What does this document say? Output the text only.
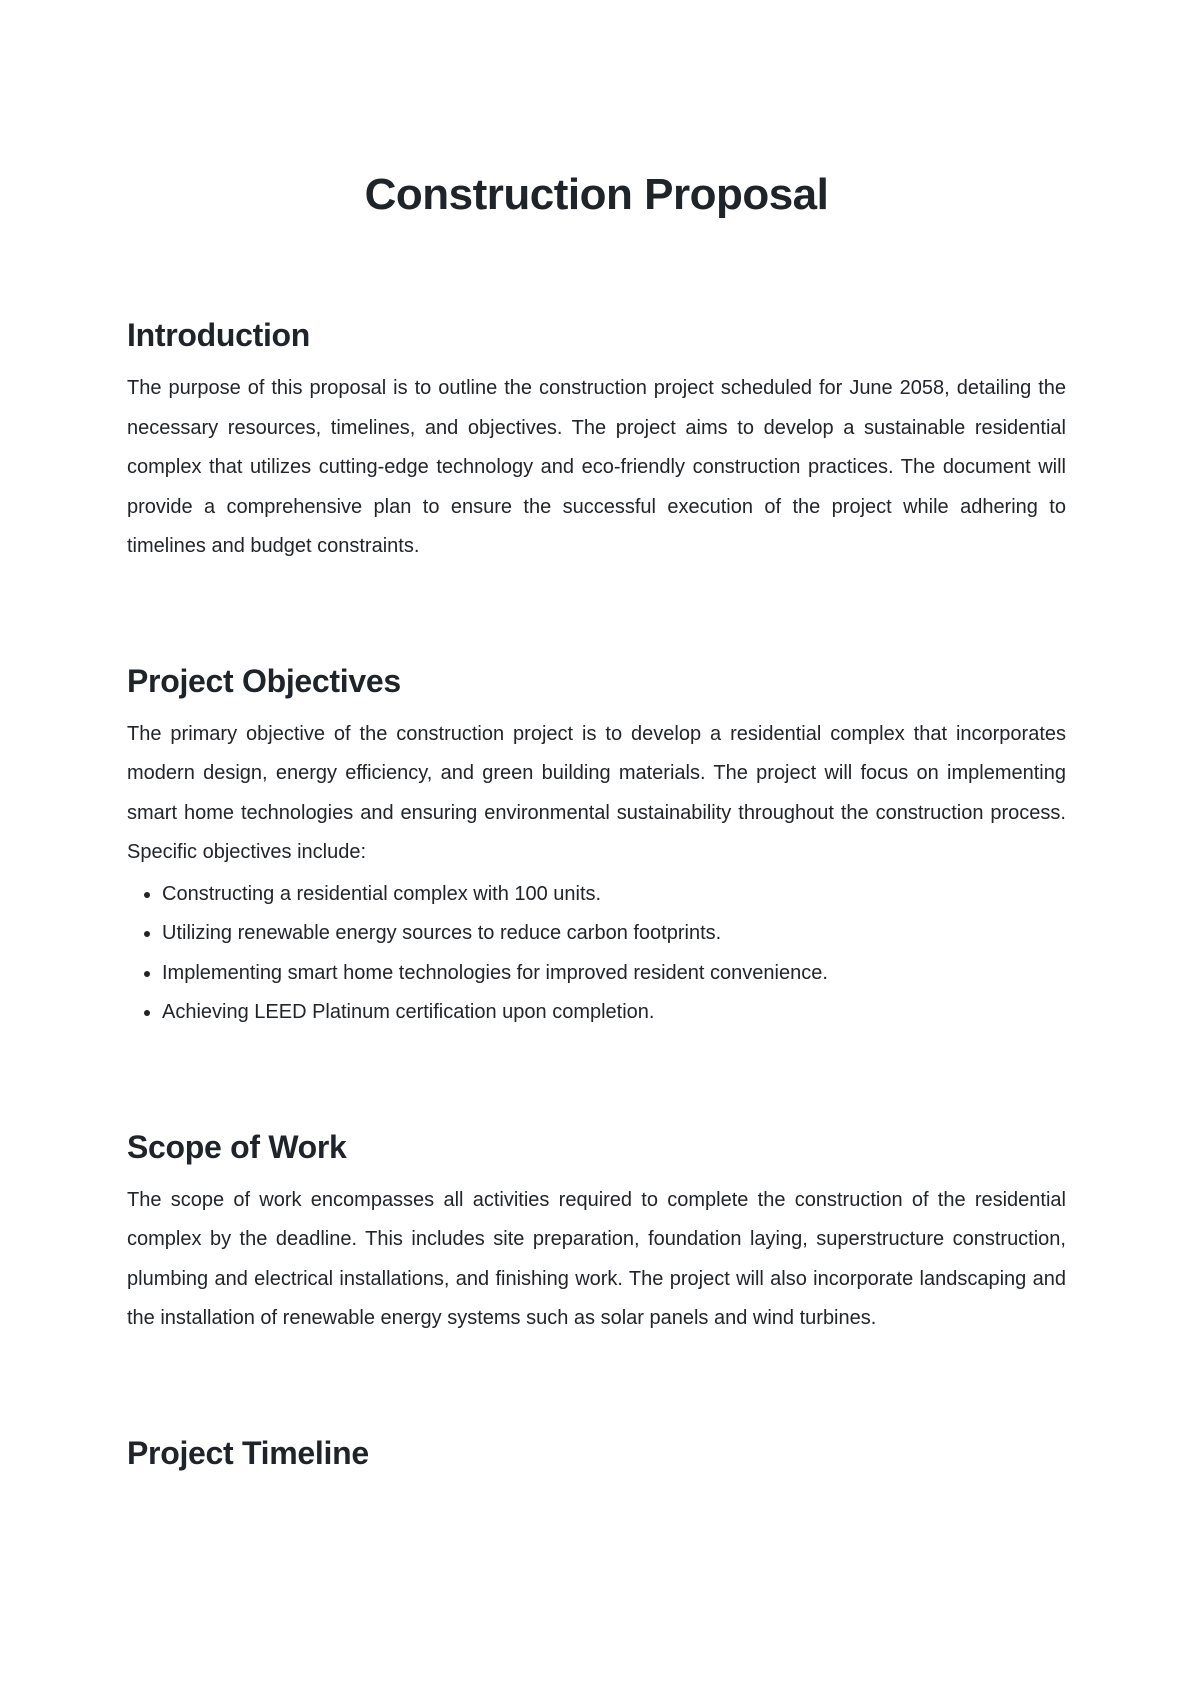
Construction Proposal
Introduction

The purpose of this proposal is to outline the construction project scheduled for June 2058, detailing the necessary resources, timelines, and objectives. The project aims to develop a sustainable residential complex that utilizes cutting-edge technology and eco-friendly construction practices. The document will provide a comprehensive plan to ensure the successful execution of the project while adhering to timelines and budget constraints.

Project Objectives

The primary objective of the construction project is to develop a residential complex that incorporates modern design, energy efficiency, and green building materials. The project will focus on implementing smart home technologies and ensuring environmental sustainability throughout the construction process. Specific objectives include:

Constructing a residential complex with 100 units.
Utilizing renewable energy sources to reduce carbon footprints.
Implementing smart home technologies for improved resident convenience.
Achieving LEED Platinum certification upon completion.
Scope of Work

The scope of work encompasses all activities required to complete the construction of the residential complex by the deadline. This includes site preparation, foundation laying, superstructure construction, plumbing and electrical installations, and finishing work. The project will also incorporate landscaping and the installation of renewable energy systems such as solar panels and wind turbines.

Project Timeline
